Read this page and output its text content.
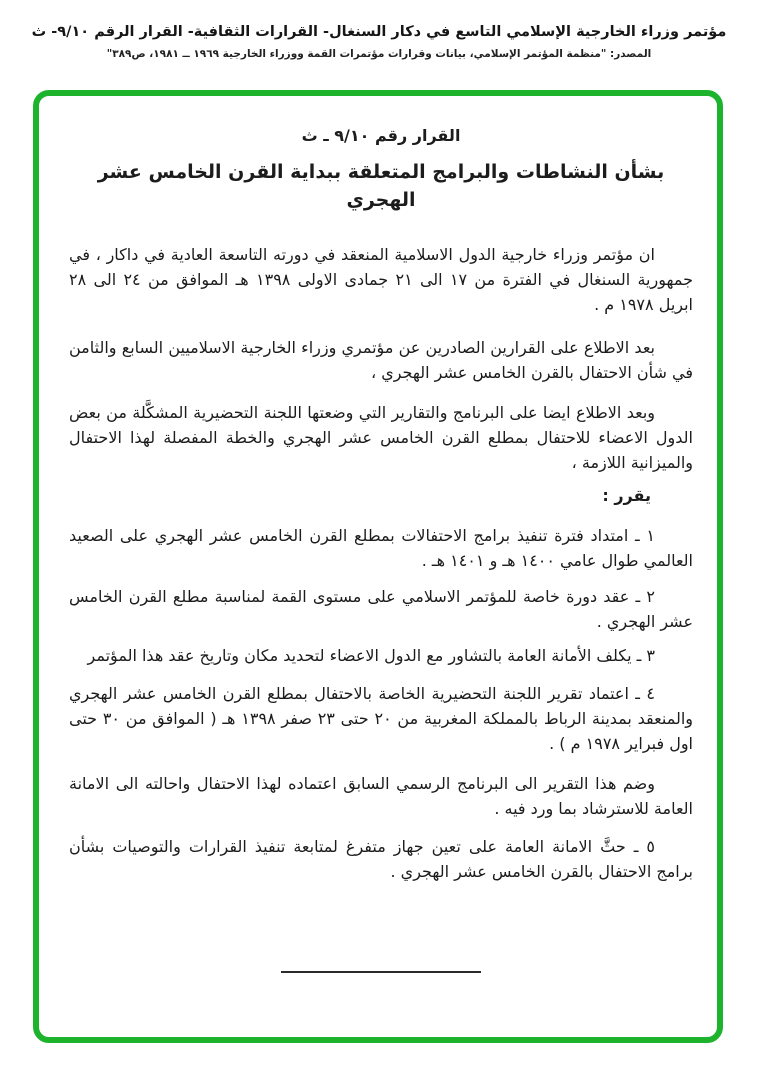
مؤتمر وزراء الخارجية الإسلامي التاسع في دكار السنغال- القرارات الثقافية- القرار الرقم ٩/١٠- ث
المصدر: "منظمة المؤتمر الإسلامي، بيانات وقرارات مؤتمرات القمة ووزراء الخارجية ١٩٦٩ ــ ١٩٨١، ص٣٨٩"

القرار رقم ٩/١٠ ـ ث

بشأن النشاطات والبرامج المتعلقة ببداية القرن الخامس عشر الهجري

ان مؤتمر وزراء خارجية الدول الاسلامية المنعقد في دورته التاسعة العادية في داكار ، في جمهورية السنغال في الفترة من ١٧ الى ٢١ جمادى الاولى ١٣٩٨ هـ الموافق من ٢٤ الى ٢٨ ابريل ١٩٧٨ م .

بعد الاطلاع على القرارين الصادرين عن مؤتمري وزراء الخارجية الاسلاميين السابع والثامن في شأن الاحتفال بالقرن الخامس عشر الهجري ،

وبعد الاطلاع ايضا على البرنامج والتقارير التي وضعتها اللجنة التحضيرية المشكَّلة من بعض الدول الاعضاء للاحتفال بمطلع القرن الخامس عشر الهجري والخطة المفصلة لهذا الاحتفال والميزانية اللازمة ،

يقرر :

١ ـ امتداد فترة تنفيذ برامج الاحتفالات بمطلع القرن الخامس عشر الهجري على الصعيد العالمي طوال عامي ١٤٠٠ هـ و ١٤٠١ هـ .

٢ ـ عقد دورة خاصة للمؤتمر الاسلامي على مستوى القمة لمناسبة مطلع القرن الخامس عشر الهجري .

٣ ـ يكلف الأمانة العامة بالتشاور مع الدول الاعضاء لتحديد مكان وتاريخ عقد هذا المؤتمر

٤ ـ اعتماد تقرير اللجنة التحضيرية الخاصة بالاحتفال بمطلع القرن الخامس عشر الهجري والمنعقد بمدينة الرباط بالمملكة المغربية من ٢٠ حتى ٢٣ صفر ١٣٩٨ هـ ( الموافق من ٣٠ حتى اول فبراير ١٩٧٨ م ) .

وضم هذا التقرير الى البرنامج الرسمي السابق اعتماده لهذا الاحتفال واحالته الى الامانة العامة للاسترشاد بما ورد فيه .

٥ ـ حثَّ الامانة العامة على تعين جهاز متفرغ لمتابعة تنفيذ القرارات والتوصيات بشأن برامج الاحتفال بالقرن الخامس عشر الهجري .
